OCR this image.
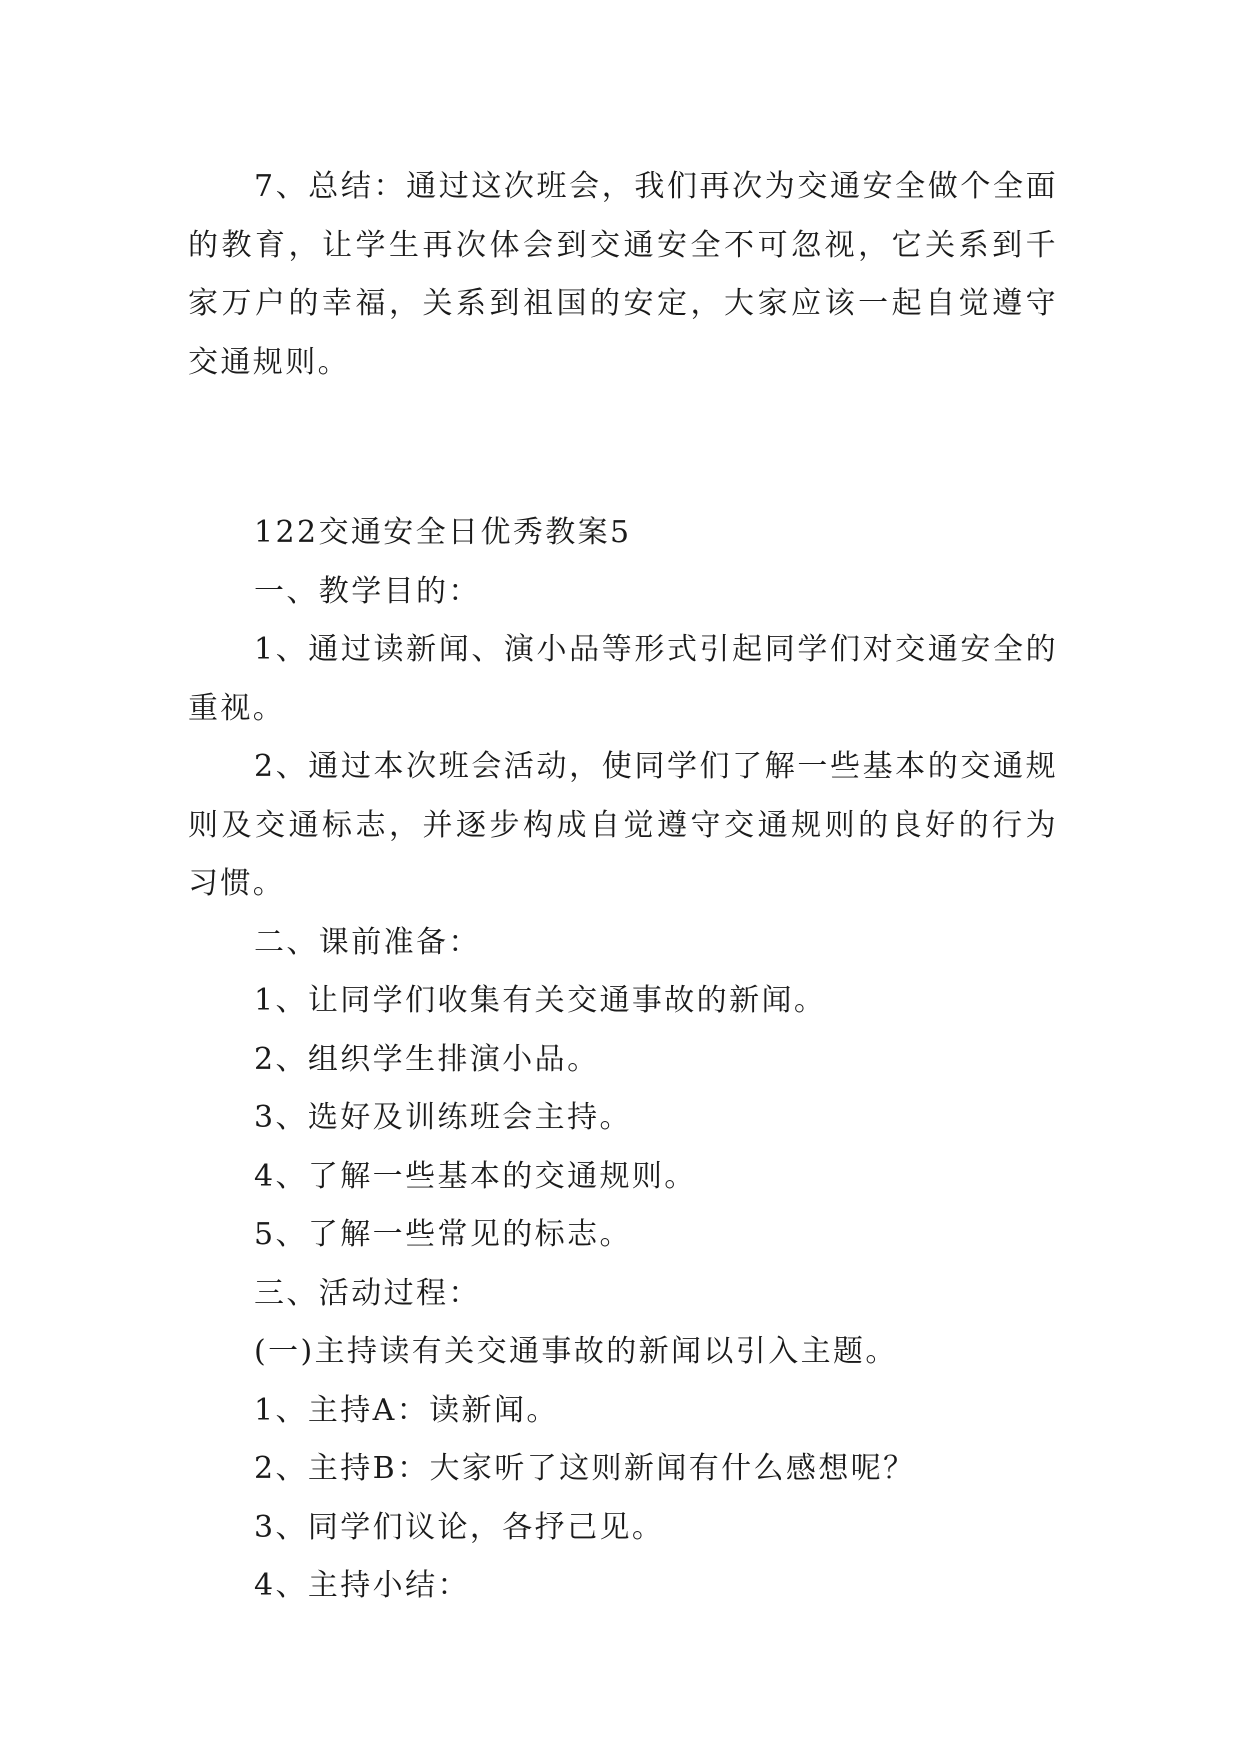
7、总结：通过这次班会，我们再次为交通安全做个全面的教育，让学生再次体会到交通安全不可忽视，它关系到千家万户的幸福，关系到祖国的安定，大家应该一起自觉遵守交通规则。

122交通安全日优秀教案5

一、教学目的：

1、通过读新闻、演小品等形式引起同学们对交通安全的重视。

2、通过本次班会活动，使同学们了解一些基本的交通规则及交通标志，并逐步构成自觉遵守交通规则的良好的行为习惯。

二、课前准备：

1、让同学们收集有关交通事故的新闻。

2、组织学生排演小品。

3、选好及训练班会主持。

4、了解一些基本的交通规则。

5、了解一些常见的标志。

三、活动过程：

(一)主持读有关交通事故的新闻以引入主题。

1、主持A：读新闻。

2、主持B：大家听了这则新闻有什么感想呢？

3、同学们议论，各抒己见。

4、主持小结：
